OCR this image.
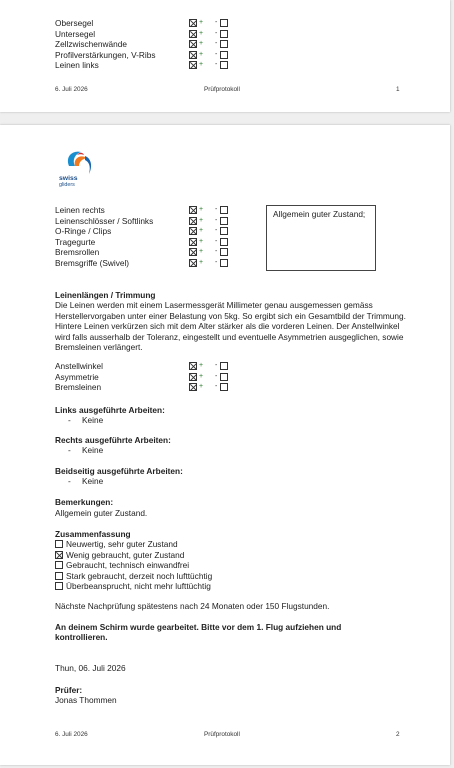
Obersegel	+ -
Untersegel	+ -
Zellzwischenwände	+ -
Profilverstärkungen, V-Ribs	+ -
Leinen links	+ -
6. Juli 2026	Prüfprotokoll	1
swiss
gliders
Leinen rechts	+ -
Leinenschlösser / Softlinks	+ -
O-Ringe / Clips	+ -
Tragegurte	+ -
Bremsrollen	+ -
Bremsgriffe (Swivel)	+ -
Allgemein guter Zustand;
Leinenlängen / Trimmung
Die Leinen werden mit einem Lasermessgerät Millimeter genau ausgemessen gemäss
Herstellervorgaben unter einer Belastung von 5kg. So ergibt sich ein Gesamtbild der Trimmung.
Hintere Leinen verkürzen sich mit dem Alter stärker als die vorderen Leinen. Der Anstellwinkel
wird falls ausserhalb der Toleranz, eingestellt und eventuelle Asymmetrien ausgeglichen, sowie
Bremsleinen verlängert.
Anstellwinkel	+ -
Asymmetrie	+ -
Bremsleinen	+ -
Links ausgeführte Arbeiten:
- Keine
Rechts ausgeführte Arbeiten:
- Keine
Beidseitig ausgeführte Arbeiten:
- Keine
Bemerkungen:
Allgemein guter Zustand.
Zusammenfassung
Neuwertig, sehr guter Zustand
Wenig gebraucht, guter Zustand
Gebraucht, technisch einwandfrei
Stark gebraucht, derzeit noch lufttüchtig
Überbeansprucht, nicht mehr lufttüchtig
Nächste Nachprüfung spätestens nach 24 Monaten oder 150 Flugstunden.
An deinem Schirm wurde gearbeitet. Bitte vor dem 1. Flug aufziehen und
kontrollieren.
Thun, 06. Juli 2026
Prüfer:
Jonas Thommen
6. Juli 2026	Prüfprotokoll	2
